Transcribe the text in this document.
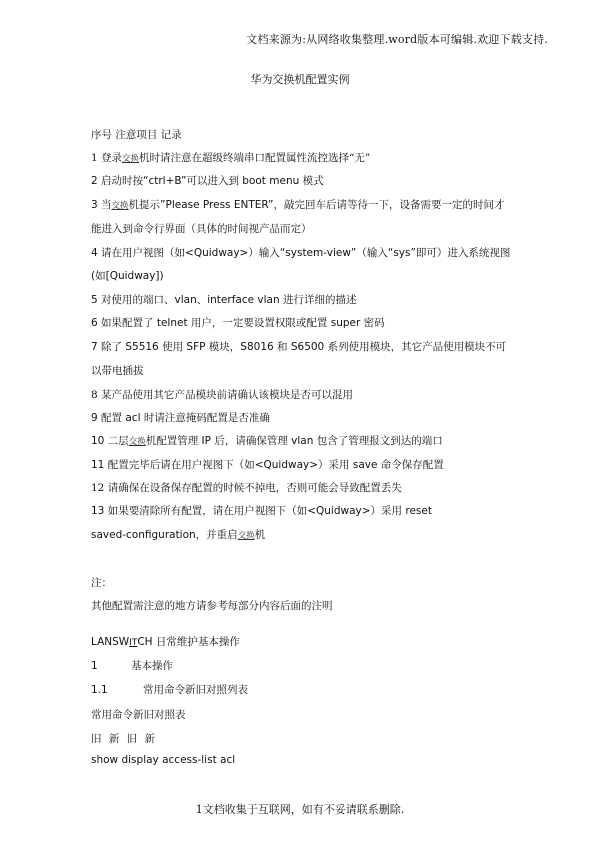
文档来源为:从网络收集整理.word版本可编辑.欢迎下载支持.
华为交换机配置实例
序号 注意项目 记录
1 登录交换机时请注意在超级终端串口配置属性流控选择“无”
2 启动时按“ctrl+B”可以进入到 boot menu 模式
3 当交换机提示”Please Press ENTER”，敲完回车后请等待一下，设备需要一定的时间才
能进入到命令行界面（具体的时间视产品而定）
4 请在用户视图（如<Quidway>）输入“system-view”（输入“sys”即可）进入系统视图
(如[Quidway])
5 对使用的端口、vlan、interface vlan 进行详细的描述
6 如果配置了 telnet 用户，一定要设置权限或配置 super 密码
7 除了 S5516 使用 SFP 模块，S8016 和 S6500 系列使用模块，其它产品使用模块不可
以带电插拔
8 某产品使用其它产品模块前请确认该模块是否可以混用
9 配置 acl 时请注意掩码配置是否准确
10 二层交换机配置管理 IP 后，请确保管理 vlan 包含了管理报文到达的端口
11 配置完毕后请在用户视图下（如<Quidway>）采用 save 命令保存配置
12 请确保在设备保存配置的时候不掉电，否则可能会导致配置丢失
13 如果要清除所有配置，请在用户视图下（如<Quidway>）采用 reset
saved-configuration，并重启交换机
注：
其他配置需注意的地方请参考每部分内容后面的注明
LANSWITCH 日常维护基本操作
1	基本操作
1.1	常用命令新旧对照列表
常用命令新旧对照表
旧 新 旧 新
show display access-list acl
1文档收集于互联网，如有不妥请联系删除.
